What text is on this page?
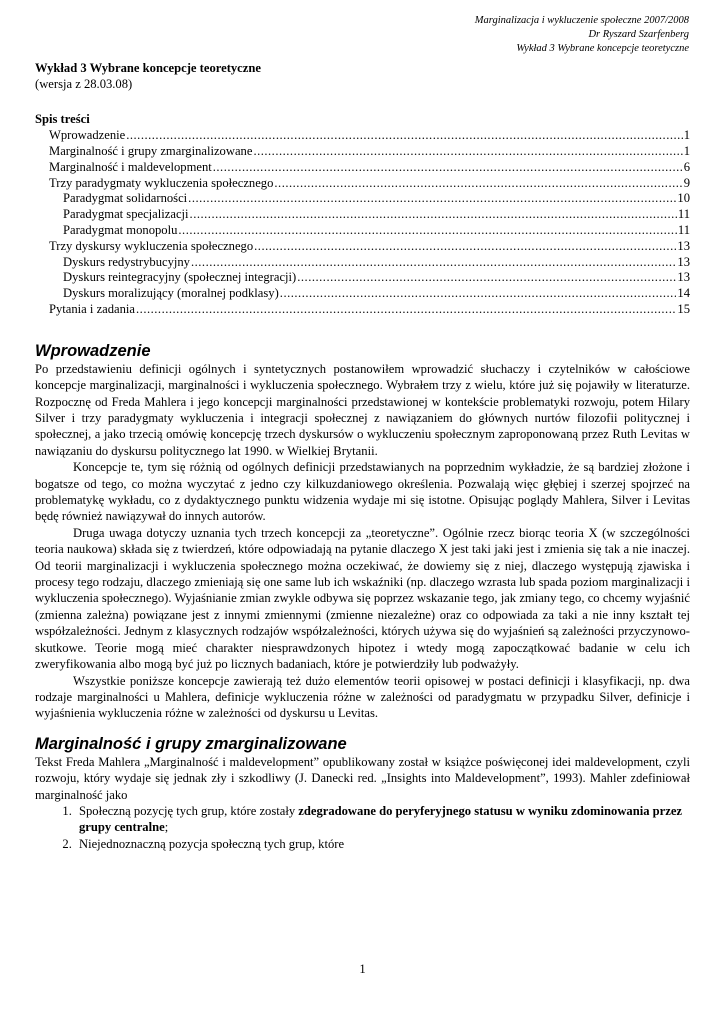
Marginalizacja i wykluczenie społeczne 2007/2008
Dr Ryszard Szarfenberg
Wykład 3 Wybrane koncepcje teoretyczne
Wykład 3 Wybrane koncepcje teoretyczne
(wersja z 28.03.08)
Spis treści
Wprowadzenie .....	1
Marginalność i grupy zmarginalizowane .....	1
Marginalność i maldevelopment .....	6
Trzy paradygmaty wykluczenia społecznego .....	9
Paradygmat solidarności .....	10
Paradygmat specjalizacji .....	11
Paradygmat monopolu .....	11
Trzy dyskursy wykluczenia społecznego .....	13
Dyskurs redystrybucyjny .....	13
Dyskurs reintegracyjny (społecznej integracji) .....	13
Dyskurs moralizujący (moralnej podklasy) .....	14
Pytania i zadania .....	15
Wprowadzenie

Po przedstawieniu definicji ogólnych i syntetycznych postanowiłem wprowadzić słuchaczy i czytelników w całościowe koncepcje marginalizacji, marginalności i wykluczenia społecznego. Wybrałem trzy z wielu, które już się pojawiły w literaturze. Rozpocznę od Freda Mahlera i jego koncepcji marginalności przedstawionej w kontekście problematyki rozwoju, potem Hilary Silver i trzy paradygmaty wykluczenia i integracji społecznej z nawiązaniem do głównych nurtów filozofii politycznej i społecznej, a jako trzecią omówię koncepcję trzech dyskursów o wykluczeniu społecznym zaproponowaną przez Ruth Levitas w nawiązaniu do dyskursu politycznego lat 1990. w Wielkiej Brytanii.

Koncepcje te, tym się różnią od ogólnych definicji przedstawianych na poprzednim wykładzie, że są bardziej złożone i bogatsze od tego, co można wyczytać z jedno czy kilkuzdaniowego określenia. Pozwalają więc głębiej i szerzej spojrzeć na problematykę wykładu, co z dydaktycznego punktu widzenia wydaje mi się istotne. Opisując poglądy Mahlera, Silver i Levitas będę również nawiązywał do innych autorów.

Druga uwaga dotyczy uznania tych trzech koncepcji za „teoretyczne”. Ogólnie rzecz biorąc teoria X (w szczególności teoria naukowa) składa się z twierdzeń, które odpowiadają na pytanie dlaczego X jest taki jaki jest i zmienia się tak a nie inaczej. Od teorii marginalizacji i wykluczenia społecznego można oczekiwać, że dowiemy się z niej, dlaczego występują zjawiska i procesy tego rodzaju, dlaczego zmieniają się one same lub ich wskaźniki (np. dlaczego wzrasta lub spada poziom marginalizacji i wykluczenia społecznego). Wyjaśnianie zmian zwykle odbywa się poprzez wskazanie tego, jak zmiany tego, co chcemy wyjaśnić (zmienna zależna) powiązane jest z innymi zmiennymi (zmienne niezależne) oraz co odpowiada za taki a nie inny kształt tej współzależności. Jednym z klasycznych rodzajów współzależności, których używa się do wyjaśnień są zależności przyczynowo-skutkowe. Teorie mogą mieć charakter niesprawdzonych hipotez i wtedy mogą zapoczątkować badanie w celu ich zweryfikowania albo mogą być już po licznych badaniach, które je potwierdziły lub podważyły.

Wszystkie poniższe koncepcje zawierają też dużo elementów teorii opisowej w postaci definicji i klasyfikacji, np. dwa rodzaje marginalności u Mahlera, definicje wykluczenia różne w zależności od paradygmatu w przypadku Silver, definicje i wyjaśnienia wykluczenia różne w zależności od dyskursu u Levitas.

Marginalność i grupy zmarginalizowane

Tekst Freda Mahlera „Marginalność i maldevelopment” opublikowany został w książce poświęconej idei maldevelopment, czyli rozwoju, który wydaje się jednak zły i szkodliwy (J. Danecki red. „Insights into Maldevelopment”, 1993). Mahler zdefiniował marginalność jako

1. Społeczną pozycję tych grup, które zostały zdegradowane do peryferyjnego statusu w wyniku zdominowania przez grupy centralne;
2. Niejednoznaczną pozycja społeczną tych grup, które
1
